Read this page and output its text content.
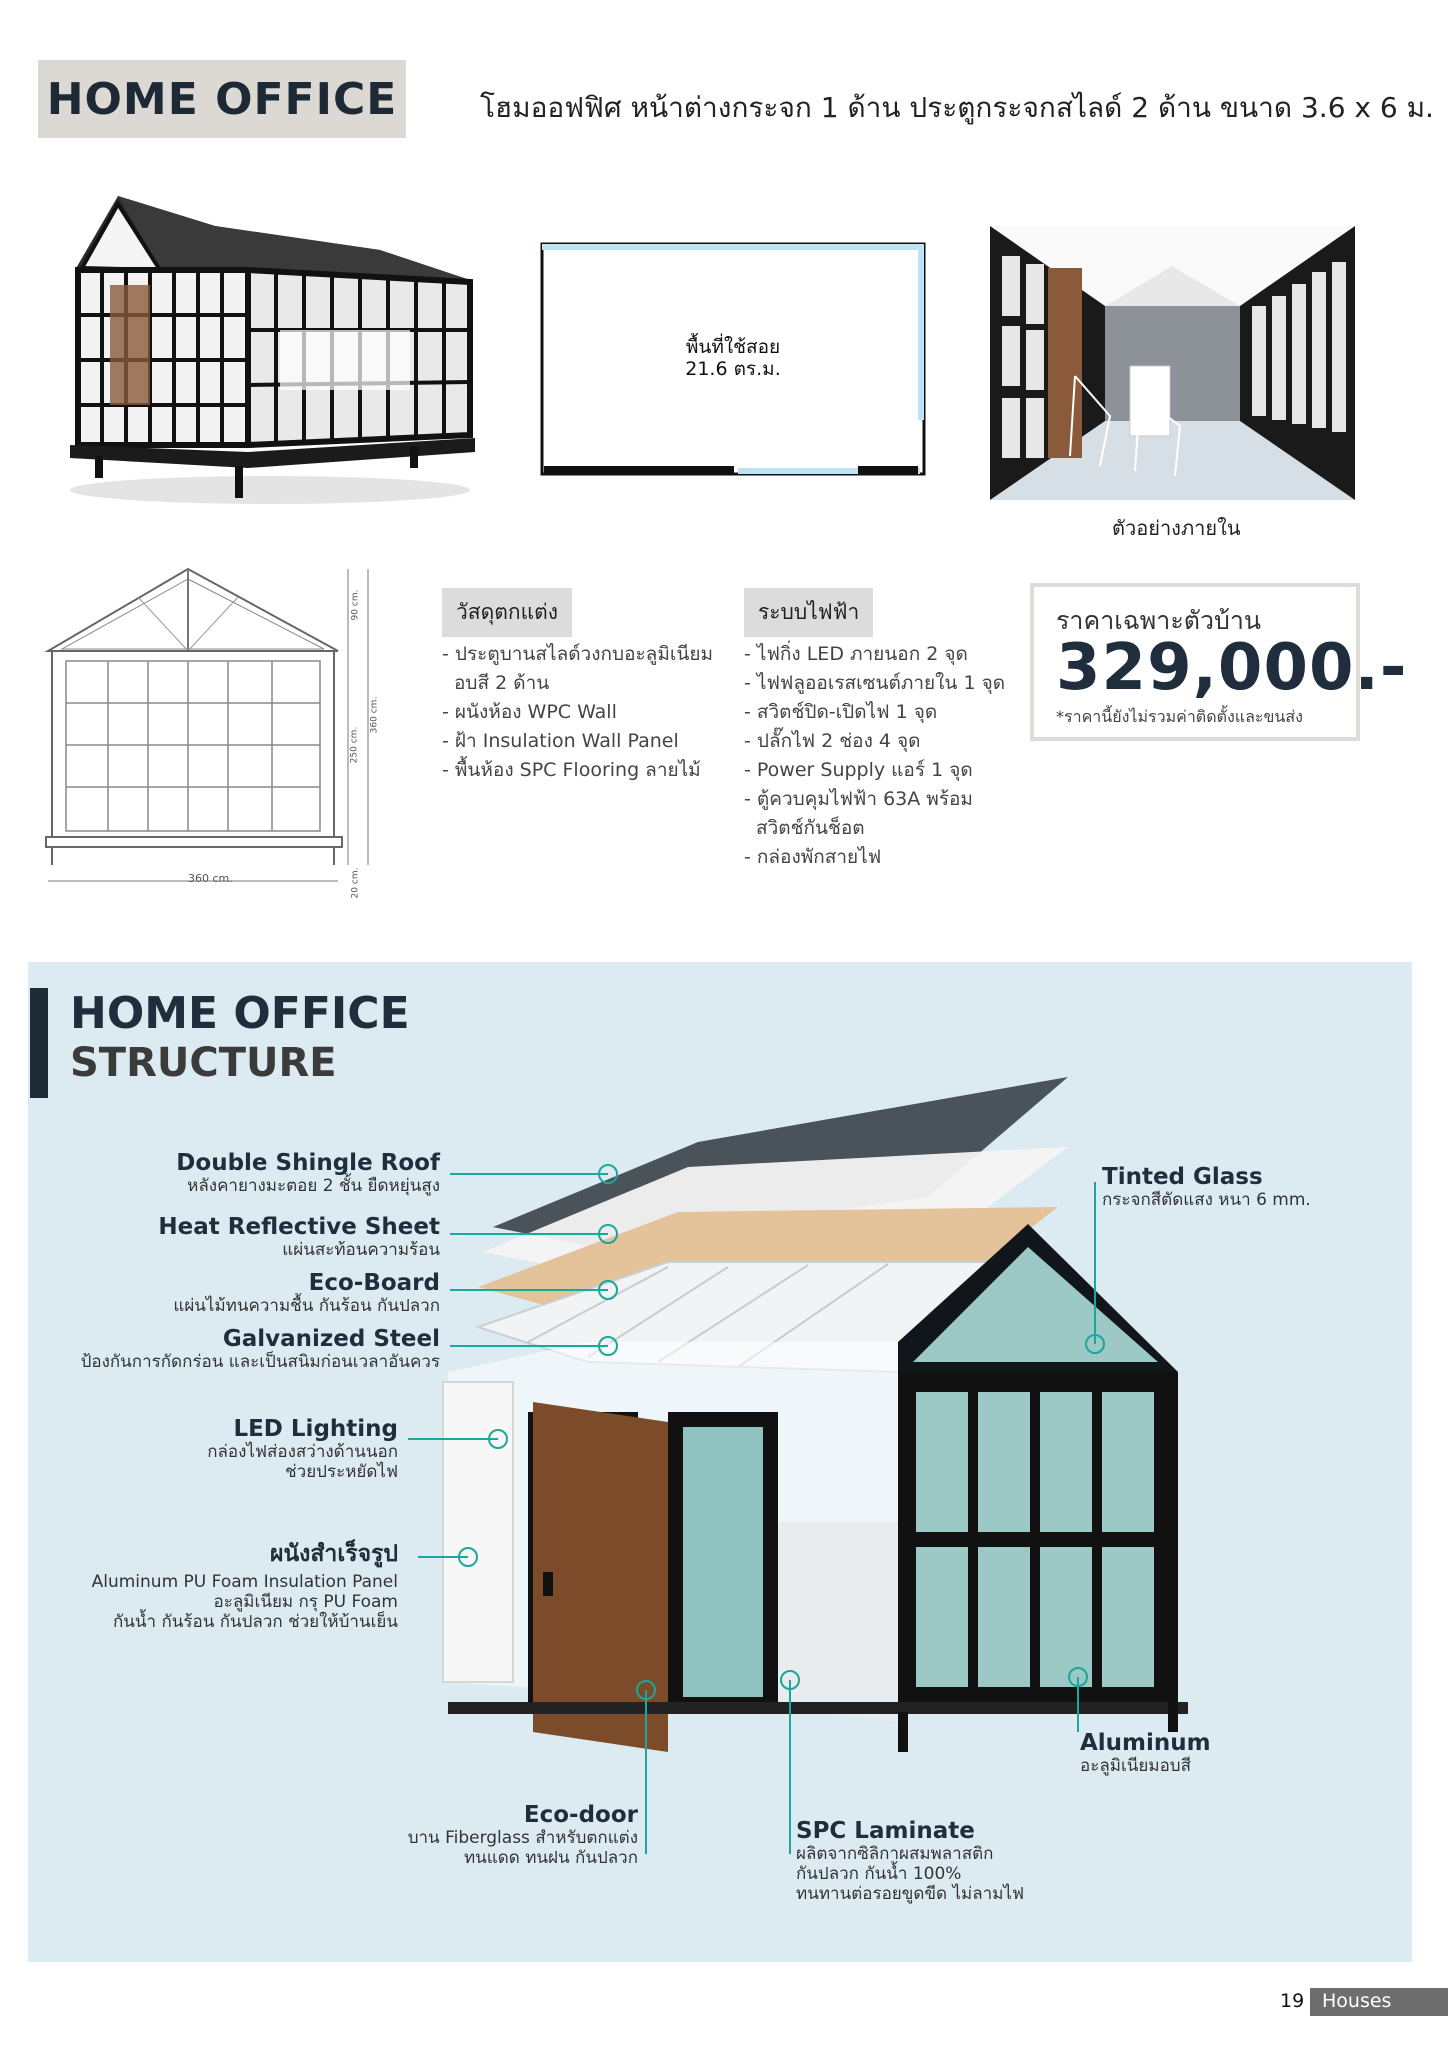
HOME OFFICE	โฮมออฟฟิศ หน้าต่างกระจก 1 ด้าน ประตูกระจกสไลด์ 2 ด้าน ขนาด 3.6 x 6 ม.
พื้นที่ใช้สอย
21.6 ตร.ม.
ตัวอย่างภายใน
360 cm.
90 cm.
250 cm.
360 cm.
20 cm.
วัสดุตกแต่ง
- ประตูบานสไลด์วงกบอะลูมิเนียม
อบสี 2 ด้าน
- ผนังห้อง WPC Wall
- ฝ้า Insulation Wall Panel
- พื้นห้อง SPC Flooring ลายไม้
ระบบไฟฟ้า
- ไฟกิ่ง LED ภายนอก 2 จุด
- ไฟฟลูออเรสเซนต์ภายใน 1 จุด
- สวิตช์ปิด-เปิดไฟ 1 จุด
- ปลั๊กไฟ 2 ช่อง 4 จุด
- Power Supply แอร์ 1 จุด
- ตู้ควบคุมไฟฟ้า 63A พร้อม
สวิตช์กันช็อต
- กล่องพักสายไฟ
ราคาเฉพาะตัวบ้าน
329,000.-
*ราคานี้ยังไม่รวมค่าติดตั้งและขนส่ง
HOME OFFICE
STRUCTURE
Double Shingle Roof
หลังคายางมะตอย 2 ชั้น ยืดหยุ่นสูง
Heat Reflective Sheet
แผ่นสะท้อนความร้อน
Eco-Board
แผ่นไม้ทนความชื้น กันร้อน กันปลวก
Galvanized Steel
ป้องกันการกัดกร่อน และเป็นสนิมก่อนเวลาอันควร
LED Lighting
กล่องไฟส่องสว่างด้านนอก
ช่วยประหยัดไฟ
ผนังสำเร็จรูป
Aluminum PU Foam Insulation Panel
อะลูมิเนียม กรุ PU Foam
กันน้ำ กันร้อน กันปลวก ช่วยให้บ้านเย็น
Eco-door
บาน Fiberglass สำหรับตกแต่ง
ทนแดด ทนฝน กันปลวก
SPC Laminate
ผลิตจากซิลิกาผสมพลาสติก
กันปลวก กันน้ำ 100%
ทนทานต่อรอยขูดขีด ไม่ลามไฟ
Tinted Glass
กระจกสีตัดแสง หนา 6 mm.
Aluminum
อะลูมิเนียมอบสี
19 Houses
